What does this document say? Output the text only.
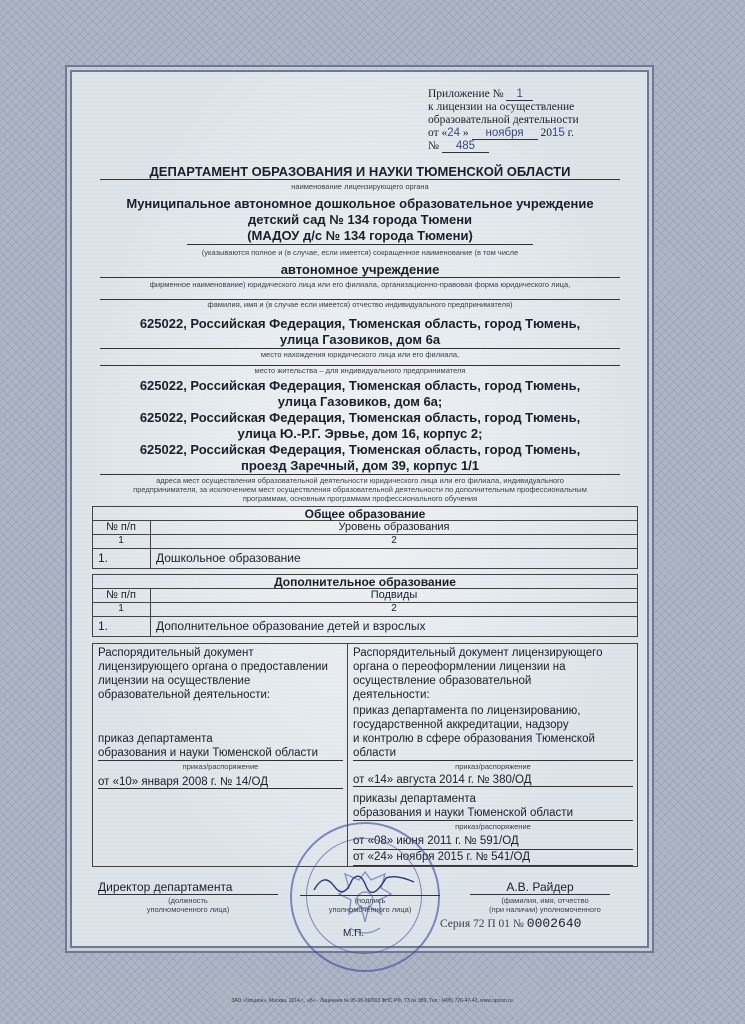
Приложение № 1
к лицензии на осуществление
образовательной деятельности
от «24 » ноября 2015 г.
№ 485
ДЕПАРТАМЕНТ ОБРАЗОВАНИЯ И НАУКИ ТЮМЕНСКОЙ ОБЛАСТИ
наименование лицензирующего органа
Муниципальное автономное дошкольное образовательное учреждение
детский сад № 134 города Тюмени
(МАДОУ д/с № 134 города Тюмени)
(указываются полное и (в случае, если имеется) сокращенное наименование (в том числе
автономное учреждение
фирменное наименование) юридического лица или его филиала, организационно-правовая форма юридического лица,
фамилия, имя и (в случае если имеется) отчество индивидуального предпринимателя)
625022, Российская Федерация, Тюменская область, город Тюмень,
улица Газовиков, дом 6а
место нахождения юридического лица или его филиала,
место жительства – для индивидуального предпринимателя
625022, Российская Федерация, Тюменская область, город Тюмень,
улица Газовиков, дом 6а;
625022, Российская Федерация, Тюменская область, город Тюмень,
улица Ю.-Р.Г. Эрвье, дом 16, корпус 2;
625022, Российская Федерация, Тюменская область, город Тюмень,
проезд Заречный, дом 39, корпус 1/1
адреса мест осуществления образовательной деятельности юридического лица или его филиала, индивидуального
предпринимателя, за исключением мест осуществления образовательной деятельности по дополнительным профессиональным
программам, основным программам профессионального обучения
Общее образование
№ п/п	Уровень образования
1	2
1.	Дошкольное образование
Дополнительное образование
№ п/п	Подвиды
1	2
1.	Дополнительное образование детей и взрослых
Распорядительный документ
лицензирующего органа о предоставлении
лицензии на осуществление
образовательной деятельности:
приказ департамента
образования и науки Тюменской области
приказ/распоряжение
от «10» января 2008 г. № 14/ОД
Распорядительный документ лицензирующего
органа о переоформлении лицензии на
осуществление образовательной
деятельности:
приказ департамента по лицензированию,
государственной аккредитации, надзору
и контролю в сфере образования Тюменской
области
приказ/распоряжение
от «14» августа 2014 г. № 380/ОД
приказы департамента
образования и науки Тюменской области
приказ/распоряжение
от «08» июня 2011 г. № 591/ОД
от «24» ноября 2015 г. № 541/ОД
Директор департамента
(должность
уполномоченного лица)
(подпись
уполномоченного лица)
А.В. Райдер
(фамилия, имя, отчество
(при наличии) уполномоченного
М.П.
Серия 72 П 01 № 0002640
ЗАО «Опцион», Москва, 2014 г., «Б» · Лицензия № 05-05-09/003 ФНС РФ, ТЗ № 389, Тел.: (495) 726-47-42, www.opcion.ru
